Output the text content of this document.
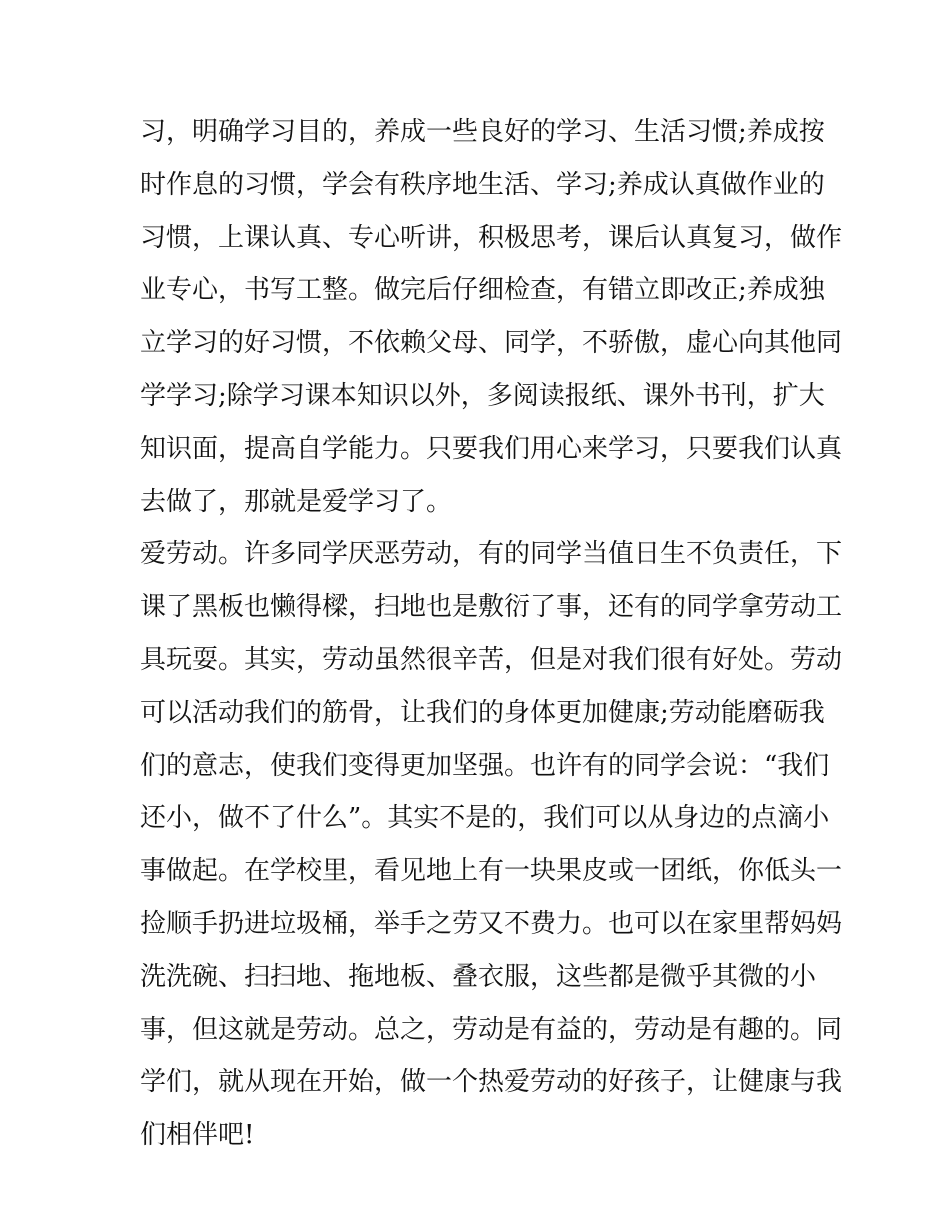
习，明确学习目的，养成一些良好的学习、生活习惯;养成按
时作息的习惯，学会有秩序地生活、学习;养成认真做作业的
习惯，上课认真、专心听讲，积极思考，课后认真复习，做作
业专心，书写工整。做完后仔细检查，有错立即改正;养成独
立学习的好习惯，不依赖父母、同学，不骄傲，虚心向其他同
学学习;除学习课本知识以外，多阅读报纸、课外书刊，扩大
知识面，提高自学能力。只要我们用心来学习，只要我们认真
去做了，那就是爱学习了。
爱劳动。许多同学厌恶劳动，有的同学当值日生不负责任，下
课了黑板也懒得樑，扫地也是敷衍了事，还有的同学拿劳动工
具玩耍。其实，劳动虽然很辛苦，但是对我们很有好处。劳动
可以活动我们的筋骨，让我们的身体更加健康;劳动能磨砺我
们的意志，使我们变得更加坚强。也许有的同学会说：“我们
还小，做不了什么”。其实不是的，我们可以从身边的点滴小
事做起。在学校里，看见地上有一块果皮或一团纸，你低头一
捡顺手扔进垃圾桶，举手之劳又不费力。也可以在家里帮妈妈
洗洗碗、扫扫地、拖地板、叠衣服，这些都是微乎其微的小
事，但这就是劳动。总之，劳动是有益的，劳动是有趣的。同
学们，就从现在开始，做一个热爱劳动的好孩子，让健康与我
们相伴吧!
